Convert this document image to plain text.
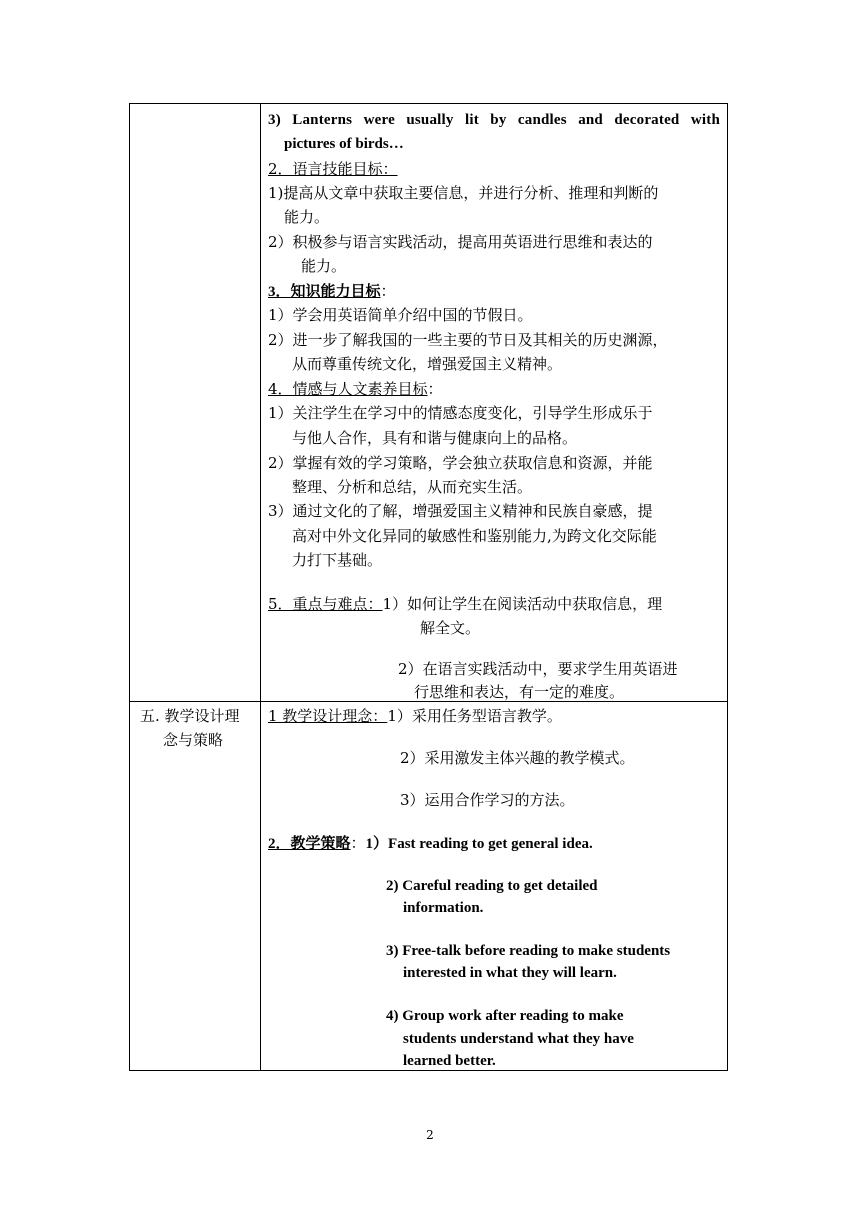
3) Lanterns were usually lit by candles and decorated with
pictures of birds…
2．语言技能目标：
1)提高从文章中获取主要信息，并进行分析、推理和判断的
能力。
2）积极参与语言实践活动，提高用英语进行思维和表达的
能力。
3．知识能力目标：
1）学会用英语简单介绍中国的节假日。
2）进一步了解我国的一些主要的节日及其相关的历史渊源，
从而尊重传统文化，增强爱国主义精神。
4．情感与人文素养目标：
1）关注学生在学习中的情感态度变化，引导学生形成乐于
与他人合作，具有和谐与健康向上的品格。
2）掌握有效的学习策略，学会独立获取信息和资源，并能
整理、分析和总结，从而充实生活。
3）通过文化的了解，增强爱国主义精神和民族自豪感，提
高对中外文化异同的敏感性和鉴别能力,为跨文化交际能
力打下基础。
5．重点与难点：1）如何让学生在阅读活动中获取信息，理
解全文。
2）在语言实践活动中，要求学生用英语进
行思维和表达，有一定的难度。
五. 教学设计理
念与策略
1 教学设计理念：1）采用任务型语言教学。
2）采用激发主体兴趣的教学模式。
3）运用合作学习的方法。
2．教学策略：1）Fast reading to get general idea.
2) Careful reading to get detailed
information.
3) Free-talk before reading to make students
interested in what they will learn.
4) Group work after reading to make
students understand what they have
learned better.
2
